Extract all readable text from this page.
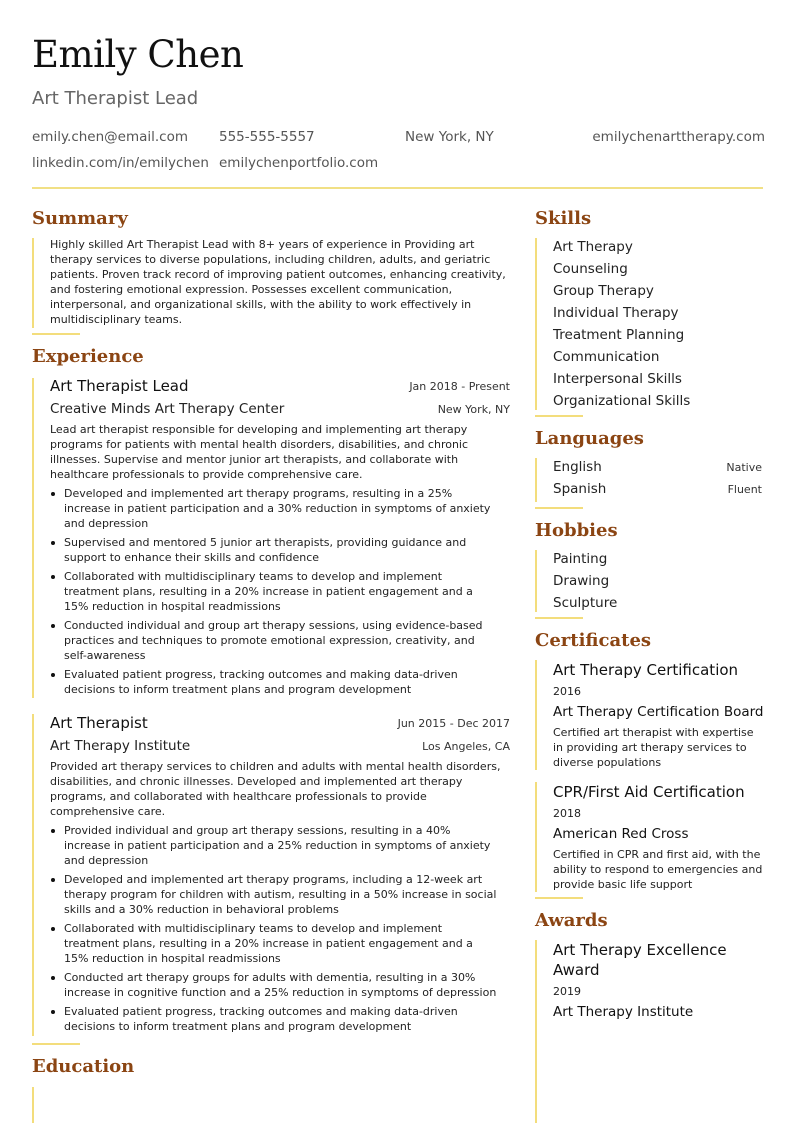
Emily Chen
Art Therapist Lead
emily.chen@email.com 555-555-5557	New York, NY	emilychenarttherapy.com
linkedin.com/in/emilychen emilychenportfolio.com
Summary
Highly skilled Art Therapist Lead with 8+ years of experience in Providing art therapy services to diverse populations, including children, adults, and geriatric patients. Proven track record of improving patient outcomes, enhancing creativity, and fostering emotional expression. Possesses excellent communication, interpersonal, and organizational skills, with the ability to work effectively in multidisciplinary teams.
Experience
Art Therapist Lead	Jan 2018 - Present
Creative Minds Art Therapy Center	New York, NY
Lead art therapist responsible for developing and implementing art therapy programs for patients with mental health disorders, disabilities, and chronic illnesses. Supervise and mentor junior art therapists, and collaborate with healthcare professionals to provide comprehensive care.
Developed and implemented art therapy programs, resulting in a 25% increase in patient participation and a 30% reduction in symptoms of anxiety and depression
Supervised and mentored 5 junior art therapists, providing guidance and support to enhance their skills and confidence
Collaborated with multidisciplinary teams to develop and implement treatment plans, resulting in a 20% increase in patient engagement and a 15% reduction in hospital readmissions
Conducted individual and group art therapy sessions, using evidence-based practices and techniques to promote emotional expression, creativity, and self-awareness
Evaluated patient progress, tracking outcomes and making data-driven decisions to inform treatment plans and program development
Art Therapist	Jun 2015 - Dec 2017
Art Therapy Institute	Los Angeles, CA
Provided art therapy services to children and adults with mental health disorders, disabilities, and chronic illnesses. Developed and implemented art therapy programs, and collaborated with healthcare professionals to provide comprehensive care.
Provided individual and group art therapy sessions, resulting in a 40% increase in patient participation and a 25% reduction in symptoms of anxiety and depression
Developed and implemented art therapy programs, including a 12-week art therapy program for children with autism, resulting in a 50% increase in social skills and a 30% reduction in behavioral problems
Collaborated with multidisciplinary teams to develop and implement treatment plans, resulting in a 20% increase in patient engagement and a 15% reduction in hospital readmissions
Conducted art therapy groups for adults with dementia, resulting in a 30% increase in cognitive function and a 25% reduction in symptoms of depression
Evaluated patient progress, tracking outcomes and making data-driven decisions to inform treatment plans and program development
Education
Skills
Art Therapy
Counseling
Group Therapy
Individual Therapy
Treatment Planning
Communication
Interpersonal Skills
Organizational Skills
Languages
English	Native
Spanish	Fluent
Hobbies
Painting
Drawing
Sculpture
Certificates
Art Therapy Certification
2016
Art Therapy Certification Board
Certified art therapist with expertise in providing art therapy services to diverse populations
CPR/First Aid Certification
2018
American Red Cross
Certified in CPR and first aid, with the ability to respond to emergencies and provide basic life support
Awards
Art Therapy Excellence Award
2019
Art Therapy Institute
